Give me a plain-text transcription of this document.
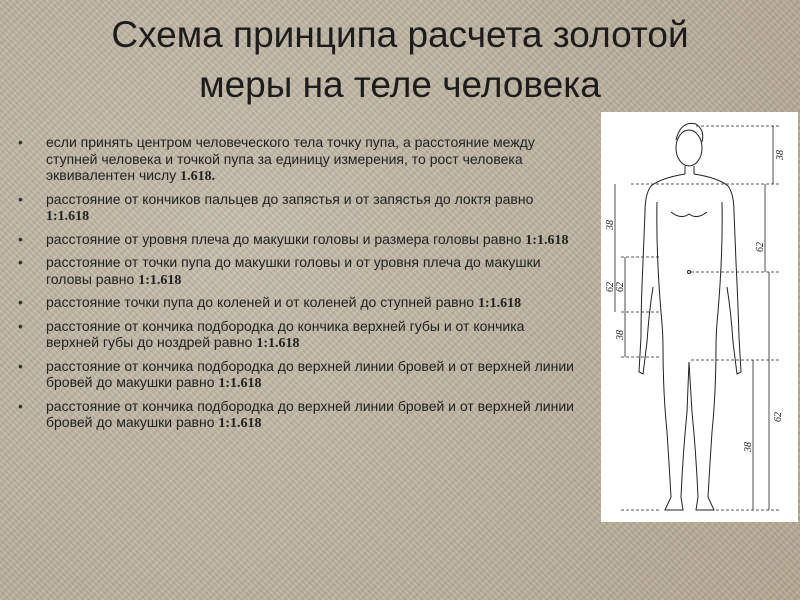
Схема принципа расчета золотой
меры на теле человека
• если принять центром человеческого тела точку пупа, а расстояние между ступней человека и точкой пупа за единицу измерения, то рост человека эквивалентен числу 1.618.
• расстояние от кончиков пальцев до запястья и от запястья до локтя равно 1:1.618
• расстояние от уровня плеча до макушки головы и размера головы равно 1:1.618
• расстояние от точки пупа до макушки головы и от уровня плеча до макушки головы равно 1:1.618
• расстояние точки пупа до коленей и от коленей до ступней равно 1:1.618
• расстояние от кончика подбородка до кончика верхней губы и от кончика верхней губы до ноздрей равно 1:1.618
• расстояние от кончика подбородка до верхней линии бровей и от верхней линии бровей до макушки равно 1:1.618
• расстояние от кончика подбородка до верхней линии бровей и от верхней линии бровей до макушки равно 1:1.618
38
62
62
38
38
62 62
38
